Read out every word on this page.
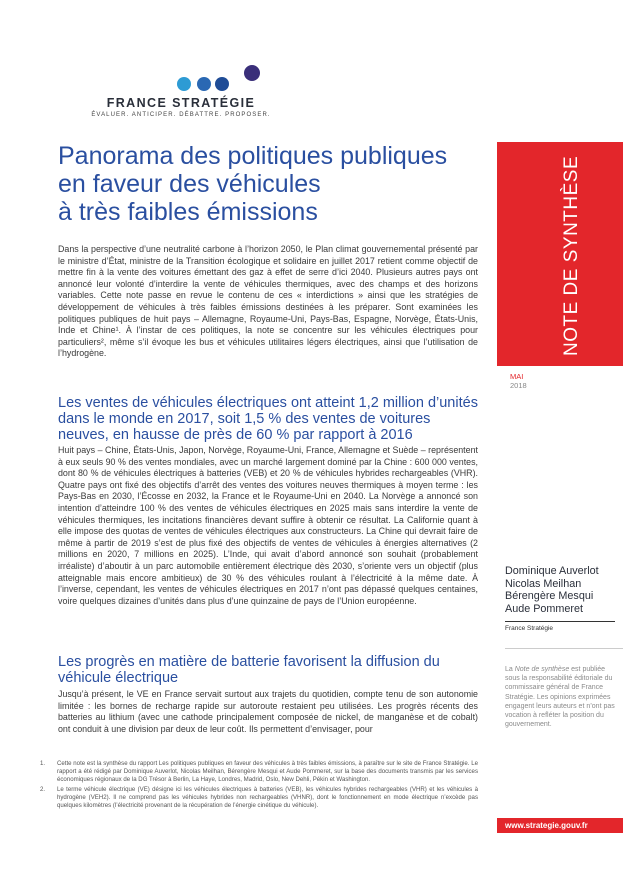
FRANCE STRATÉGIE
ÉVALUER. ANTICIPER. DÉBATTRE. PROPOSER.
Panorama des politiques publiques
en faveur des véhicules
à très faibles émissions

Dans la perspective d’une neutralité carbone à l’horizon 2050, le Plan climat gouvernemental présenté par le ministre d’État, ministre de la Transition écologique et solidaire en juillet 2017 retient comme objectif de mettre fin à la vente des voitures émettant des gaz à effet de serre d’ici 2040. Plusieurs autres pays ont annoncé leur volonté d’interdire la vente de véhicules thermiques, avec des champs et des horizons variables. Cette note passe en revue le contenu de ces « interdictions » ainsi que les stratégies de développement de véhicules à très faibles émissions destinées à les préparer. Sont examinées les politiques publiques de huit pays – Allemagne, Royaume-Uni, Pays-Bas, Espagne, Norvège, États-Unis, Inde et Chine¹. À l’instar de ces politiques, la note se concentre sur les véhicules électriques pour particuliers², même s’il évoque les bus et véhicules utilitaires légers électriques, ainsi que l’utilisation de l’hydrogène.

Les ventes de véhicules électriques ont atteint 1,2 million d’unités dans le monde en 2017, soit 1,5 % des ventes de voitures neuves, en hausse de près de 60 % par rapport à 2016

Huit pays – Chine, États-Unis, Japon, Norvège, Royaume-Uni, France, Allemagne et Suède – représentent à eux seuls 90 % des ventes mondiales, avec un marché largement dominé par la Chine : 600 000 ventes, dont 80 % de véhicules électriques à batteries (VEB) et 20 % de véhicules hybrides rechargeables (VHR). Quatre pays ont fixé des objectifs d’arrêt des ventes des voitures neuves thermiques à moyen terme : les Pays-Bas en 2030, l’Écosse en 2032, la France et le Royaume-Uni en 2040. La Norvège a annoncé son intention d’atteindre 100 % des ventes de véhicules électriques en 2025 mais sans interdire la vente de véhicules thermiques, les incitations financières devant suffire à obtenir ce résultat. La Californie quant à elle impose des quotas de ventes de véhicules électriques aux constructeurs. La Chine qui devrait faire de même à partir de 2019 s’est de plus fixé des objectifs de ventes de véhicules à énergies alternatives (2 millions en 2020, 7 millions en 2025). L’Inde, qui avait d’abord annoncé son souhait (probablement irréaliste) d’aboutir à un parc automobile entièrement électrique dès 2030, s’oriente vers un objectif (plus atteignable mais encore ambitieux) de 30 % des véhicules roulant à l’électricité à la même date. À l’inverse, cependant, les ventes de véhicules électriques en 2017 n’ont pas dépassé quelques centaines, voire quelques dizaines d’unités dans plus d’une quinzaine de pays de l’Union européenne.

Les progrès en matière de batterie favorisent la diffusion du véhicule électrique

Jusqu’à présent, le VE en France servait surtout aux trajets du quotidien, compte tenu de son autonomie limitée : les bornes de recharge rapide sur autoroute restaient peu utilisées. Les progrès récents des batteries au lithium (avec une cathode principalement composée de nickel, de manganèse et de cobalt) ont conduit à une division par deux de leur coût. Ils permettent d’envisager, pour

1.	Cette note est la synthèse du rapport Les politiques publiques en faveur des véhicules à très faibles émissions, à paraître sur le site de France Stratégie. Le rapport a été rédigé par Dominique Auverlot, Nicolas Meilhan, Bérengère Mesqui et Aude Pommeret, sur la base des documents transmis par les services économiques régionaux de la DG Trésor à Berlin, La Haye, Londres, Madrid, Oslo, New Dehli, Pékin et Washington.
2.	Le terme véhicule électrique (VE) désigne ici les véhicules électriques à batteries (VEB), les véhicules hybrides rechargeables (VHR) et les véhicules à hydrogène (VEH2). Il ne comprend pas les véhicules hybrides non rechargeables (VHNR), dont le fonctionnement en mode électrique n’excède pas quelques kilomètres (l’électricité provenant de la récupération de l’énergie cinétique du véhicule).
NOTE DE SYNTHÈSE
MAI
2018
Dominique Auverlot
Nicolas Meilhan
Bérengère Mesqui
Aude Pommeret
France Stratégie
La Note de synthèse est publiée sous la responsabilité éditoriale du commissaire général de France Stratégie. Les opinions exprimées engagent leurs auteurs et n’ont pas vocation à refléter la position du gouvernement.
www.strategie.gouv.fr
